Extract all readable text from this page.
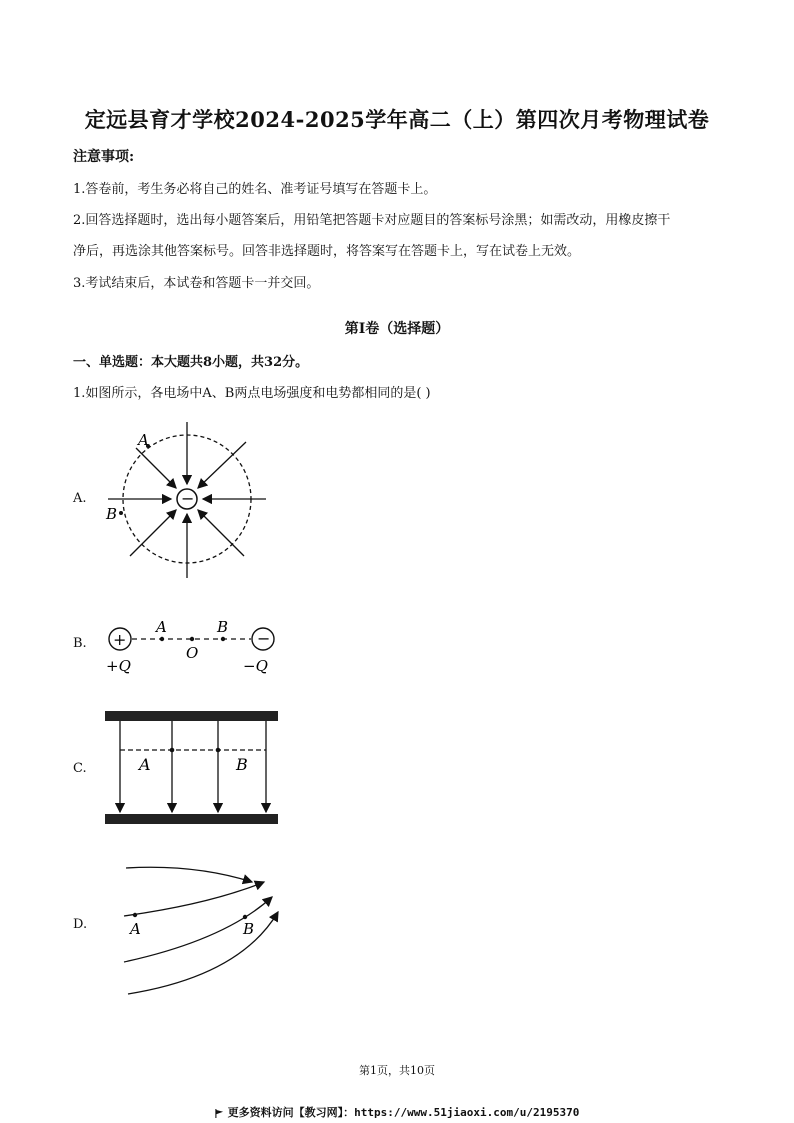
定远县育才学校2024-2025学年高二（上）第四次月考物理试卷
注意事项:
1.答卷前，考生务必将自己的姓名、准考证号填写在答题卡上。
2.回答选择题时，选出每小题答案后，用铅笔把答题卡对应题目的答案标号涂黑；如需改动，用橡皮擦干
净后，再选涂其他答案标号。回答非选择题时，将答案写在答题卡上，写在试卷上无效。
3.考试结束后，本试卷和答题卡一并交回。
第I卷（选择题）
一、单选题：本大题共8小题，共32分。
1.如图所示，各电场中A、B两点电场强度和电势都相同的是( )
A.	−
A
B
B. +	−
A	B
O
+Q	−Q
C.	A	B
D.	A	B
第1页，共10页
更多资料访问【教习网】：https://www.51jiaoxi.com/u/2195370
